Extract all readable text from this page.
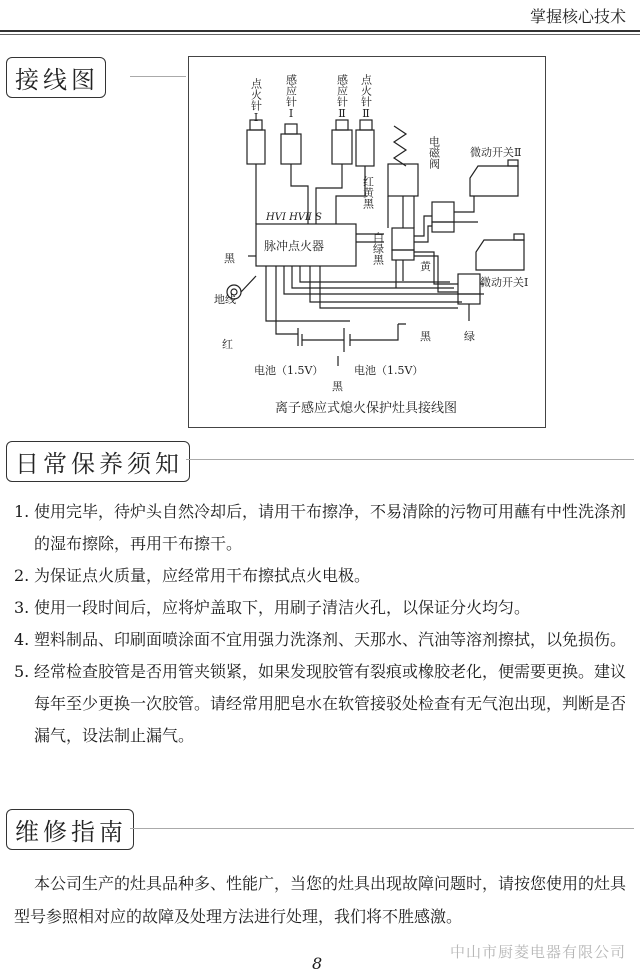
掌握核心技术
接线图	点火针Ⅰ 感应针Ⅰ	感应针Ⅱ 点火针Ⅱ
电磁阀	微动开关Ⅱ
微动开关Ⅰ
脉冲点火器
HVⅠ HVⅡ S
红黄黑
白绿黑
黄
绿
黑
地线
红
黑
电池（1.5V）	电池（1.5V）
黑
离子感应式熄火保护灶具接线图
日常保养须知
1. 使用完毕，待炉头自然冷却后，请用干布擦净，不易清除的污物可用蘸有中性洗涤剂的湿布擦除，再用干布擦干。
2. 为保证点火质量，应经常用干布擦拭点火电极。
3. 使用一段时间后，应将炉盖取下，用刷子清洁火孔，以保证分火均匀。
4. 塑料制品、印刷面喷涂面不宜用强力洗涤剂、天那水、汽油等溶剂擦拭，以免损伤。
5. 经常检查胶管是否用管夹锁紧，如果发现胶管有裂痕或橡胶老化，便需要更换。建议每年至少更换一次胶管。请经常用肥皂水在软管接驳处检查有无气泡出现，判断是否漏气，设法制止漏气。
维修指南
本公司生产的灶具品种多、性能广，当您的灶具出现故障问题时，请按您使用的灶具型号参照相对应的故障及处理方法进行处理，我们将不胜感激。
中山市厨菱电器有限公司
8
